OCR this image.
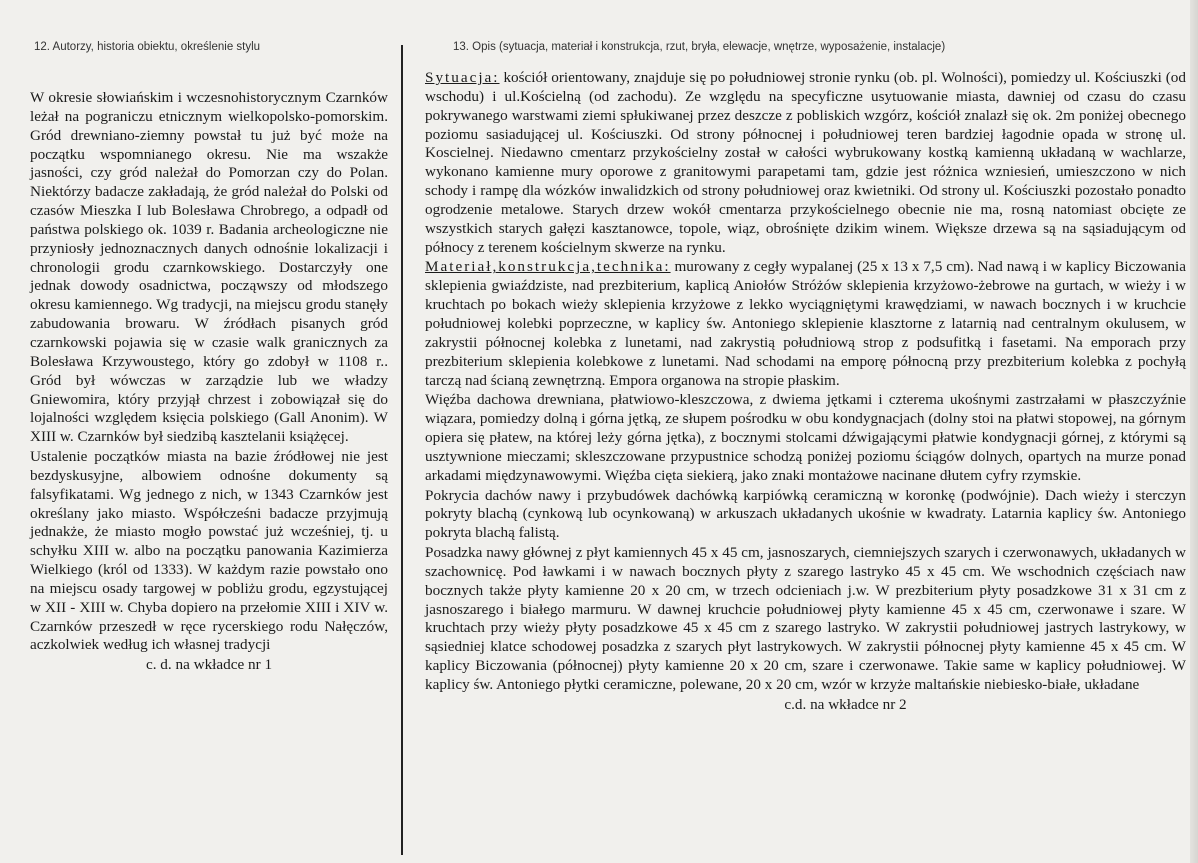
12. Autorzy, historia obiektu, określenie stylu	13. Opis (sytuacja, materiał i konstrukcja, rzut, bryła, elewacje, wnętrze, wyposażenie, instalacje)

W okresie słowiańskim i wczesnohistorycznym Czarnków leżał na pograniczu etnicznym wielkopolsko-pomorskim. Gród drewniano-ziemny powstał tu już być może na początku wspomnianego okresu. Nie ma wszakże jasności, czy gród należał do Pomorzan czy do Polan. Niektórzy badacze zakładają, że gród należał do Polski od czasów Mieszka I lub Bolesława Chrobrego, a odpadł od państwa polskiego ok. 1039 r. Badania archeologiczne nie przyniosły jednoznacznych danych odnośnie lokalizacji i chronologii grodu czarnkowskiego. Dostarczyły one jednak dowody osadnictwa, począwszy od młodszego okresu kamiennego. Wg tradycji, na miejscu grodu stanęły zabudowania browaru. W źródłach pisanych gród czarnkowski pojawia się w czasie walk granicznych za Bolesława Krzywoustego, który go zdobył w 1108 r.. Gród był wówczas w zarządzie lub we władzy Gniewomira, który przyjął chrzest i zobowiązał się do lojalności względem księcia polskiego (Gall Anonim). W XIII w. Czarnków był siedzibą kasztelanii książęcej.

Ustalenie początków miasta na bazie źródłowej nie jest bezdyskusyjne, albowiem odnośne dokumenty są falsyfikatami. Wg jednego z nich, w 1343 Czarnków jest określany jako miasto. Współcześni badacze przyjmują jednakże, że miasto mogło powstać już wcześniej, tj. u schyłku XIII w. albo na początku panowania Kazimierza Wielkiego (król od 1333). W każdym razie powstało ono na miejscu osady targowej w pobliżu grodu, egzystującej w XII - XIII w. Chyba dopiero na przełomie XIII i XIV w. Czarnków przeszedł w ręce rycerskiego rodu Nałęczów, aczkolwiek według ich własnej tradycji

c. d. na wkładce nr 1

Sytuacja: kościół orientowany, znajduje się po południowej stronie rynku (ob. pl. Wolności), pomiedzy ul. Kościuszki (od wschodu) i ul.Kościelną (od zachodu). Ze względu na specyficzne usytuowanie miasta, dawniej od czasu do czasu pokrywanego warstwami ziemi spłukiwanej przez deszcze z pobliskich wzgórz, kościół znalazł się ok. 2m poniżej obecnego poziomu sasiadującej ul. Kościuszki. Od strony północnej i południowej teren bardziej łagodnie opada w stronę ul. Koscielnej. Niedawno cmentarz przykościelny został w całości wybrukowany kostką kamienną układaną w wachlarze, wykonano kamienne mury oporowe z granitowymi parapetami tam, gdzie jest różnica wzniesień, umieszczono w nich schody i rampę dla wózków inwalidzkich od strony południowej oraz kwietniki. Od strony ul. Kościuszki pozostało ponadto ogrodzenie metalowe. Starych drzew wokół cmentarza przykościelnego obecnie nie ma, rosną natomiast obcięte ze wszystkich starych gałęzi kasztanowce, topole, wiąz, obrośnięte dzikim winem. Większe drzewa są na sąsiadującym od północy z terenem kościelnym skwerze na rynku.

Materiał,konstrukcja,technika: murowany z cegły wypalanej (25 x 13 x 7,5 cm). Nad nawą i w kaplicy Biczowania sklepienia gwiaździste, nad prezbiterium, kaplicą Aniołów Stróżów sklepienia krzyżowo-żebrowe na gurtach, w wieży i w kruchtach po bokach wieży sklepienia krzyżowe z lekko wyciągniętymi krawędziami, w nawach bocznych i w kruchcie południowej kolebki poprzeczne, w kaplicy św. Antoniego sklepienie klasztorne z latarnią nad centralnym okulusem, w zakrystii północnej kolebka z lunetami, nad zakrystią południową strop z podsufitką i fasetami. Na emporach przy prezbiterium sklepienia kolebkowe z lunetami. Nad schodami na emporę północną przy prezbiterium kolebka z pochyłą tarczą nad ścianą zewnętrzną. Empora organowa na stropie płaskim.

Więźba dachowa drewniana, płatwiowo-kleszczowa, z dwiema jętkami i czterema ukośnymi zastrzałami w płaszczyźnie wiązara, pomiedzy dolną i górna jętką, ze słupem pośrodku w obu kondygnacjach (dolny stoi na płatwi stopowej, na górnym opiera się płatew, na której leży górna jętka), z bocznymi stolcami dźwigającymi płatwie kondygnacji górnej, z którymi są usztywnione mieczami; skleszczowane przypustnice schodzą poniżej poziomu ściągów dolnych, opartych na murze ponad arkadami międzynawowymi. Więźba cięta siekierą, jako znaki montażowe nacinane dłutem cyfry rzymskie.

Pokrycia dachów nawy i przybudówek dachówką karpiówką ceramiczną w koronkę (podwójnie). Dach wieży i sterczyn pokryty blachą (cynkową lub ocynkowaną) w arkuszach układanych ukośnie w kwadraty. Latarnia kaplicy św. Antoniego pokryta blachą falistą.

Posadzka nawy głównej z płyt kamiennych 45 x 45 cm, jasnoszarych, ciemniejszych szarych i czerwonawych, układanych w szachownicę. Pod ławkami i w nawach bocznych płyty z szarego lastryko 45 x 45 cm. We wschodnich częściach naw bocznych także płyty kamienne 20 x 20 cm, w trzech odcieniach j.w. W prezbiterium płyty posadzkowe 31 x 31 cm z jasnoszarego i białego marmuru. W dawnej kruchcie południowej płyty kamienne 45 x 45 cm, czerwonawe i szare. W kruchtach przy wieży płyty posadzkowe 45 x 45 cm z szarego lastryko. W zakrystii południowej jastrych lastrykowy, w sąsiedniej klatce schodowej posadzka z szarych płyt lastrykowych. W zakrystii północnej płyty kamienne 45 x 45 cm. W kaplicy Biczowania (północnej) płyty kamienne 20 x 20 cm, szare i czerwonawe. Takie same w kaplicy południowej. W kaplicy św. Antoniego płytki ceramiczne, polewane, 20 x 20 cm, wzór w krzyże maltańskie niebiesko-białe, układane

c.d. na wkładce nr 2
